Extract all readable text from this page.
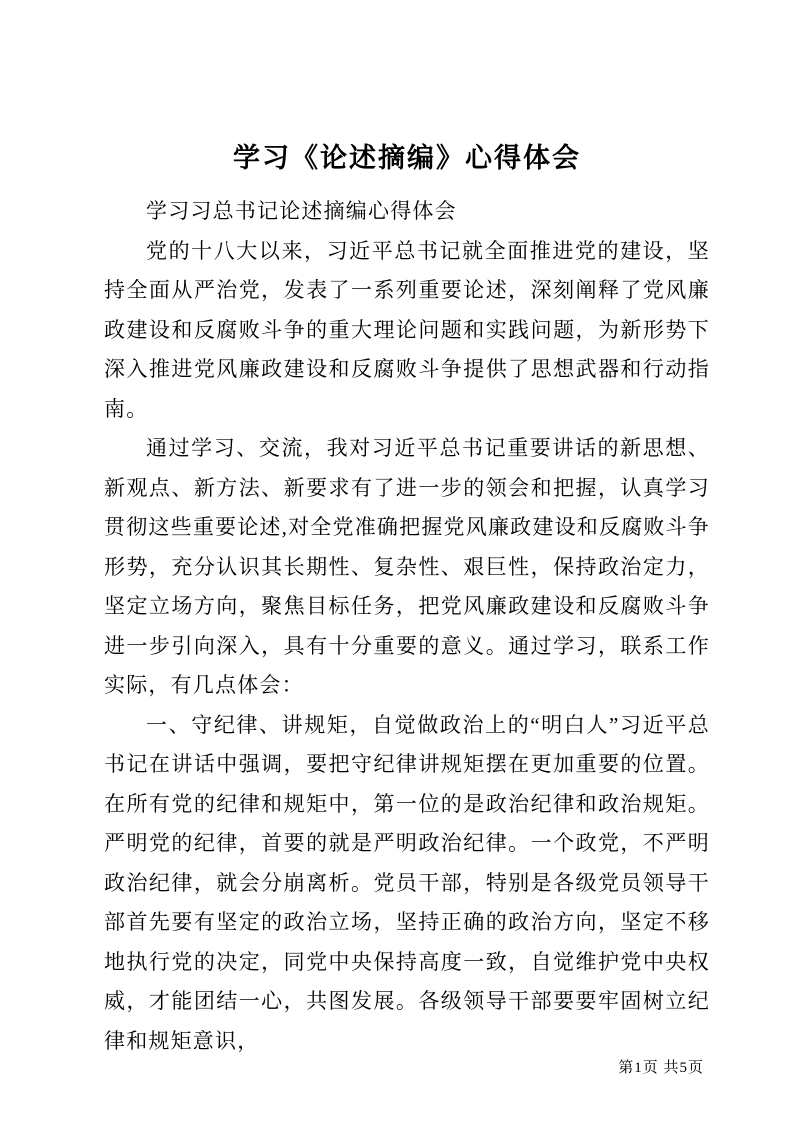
学习《论述摘编》心得体会

学习习总书记论述摘编心得体会

党的十八大以来，习近平总书记就全面推进党的建设，坚持全面从严治党，发表了一系列重要论述，深刻阐释了党风廉政建设和反腐败斗争的重大理论问题和实践问题，为新形势下深入推进党风廉政建设和反腐败斗争提供了思想武器和行动指南。

通过学习、交流，我对习近平总书记重要讲话的新思想、新观点、新方法、新要求有了进一步的领会和把握，认真学习贯彻这些重要论述,对全党准确把握党风廉政建设和反腐败斗争形势，充分认识其长期性、复杂性、艰巨性，保持政治定力，坚定立场方向，聚焦目标任务，把党风廉政建设和反腐败斗争进一步引向深入，具有十分重要的意义。通过学习，联系工作实际，有几点体会：

一、守纪律、讲规矩，自觉做政治上的“明白人”习近平总书记在讲话中强调，要把守纪律讲规矩摆在更加重要的位置。在所有党的纪律和规矩中，第一位的是政治纪律和政治规矩。严明党的纪律，首要的就是严明政治纪律。一个政党，不严明政治纪律，就会分崩离析。党员干部，特别是各级党员领导干部首先要有坚定的政治立场，坚持正确的政治方向，坚定不移地执行党的决定，同党中央保持高度一致，自觉维护党中央权威，才能团结一心，共图发展。各级领导干部要要牢固树立纪律和规矩意识，

第1页 共5页
